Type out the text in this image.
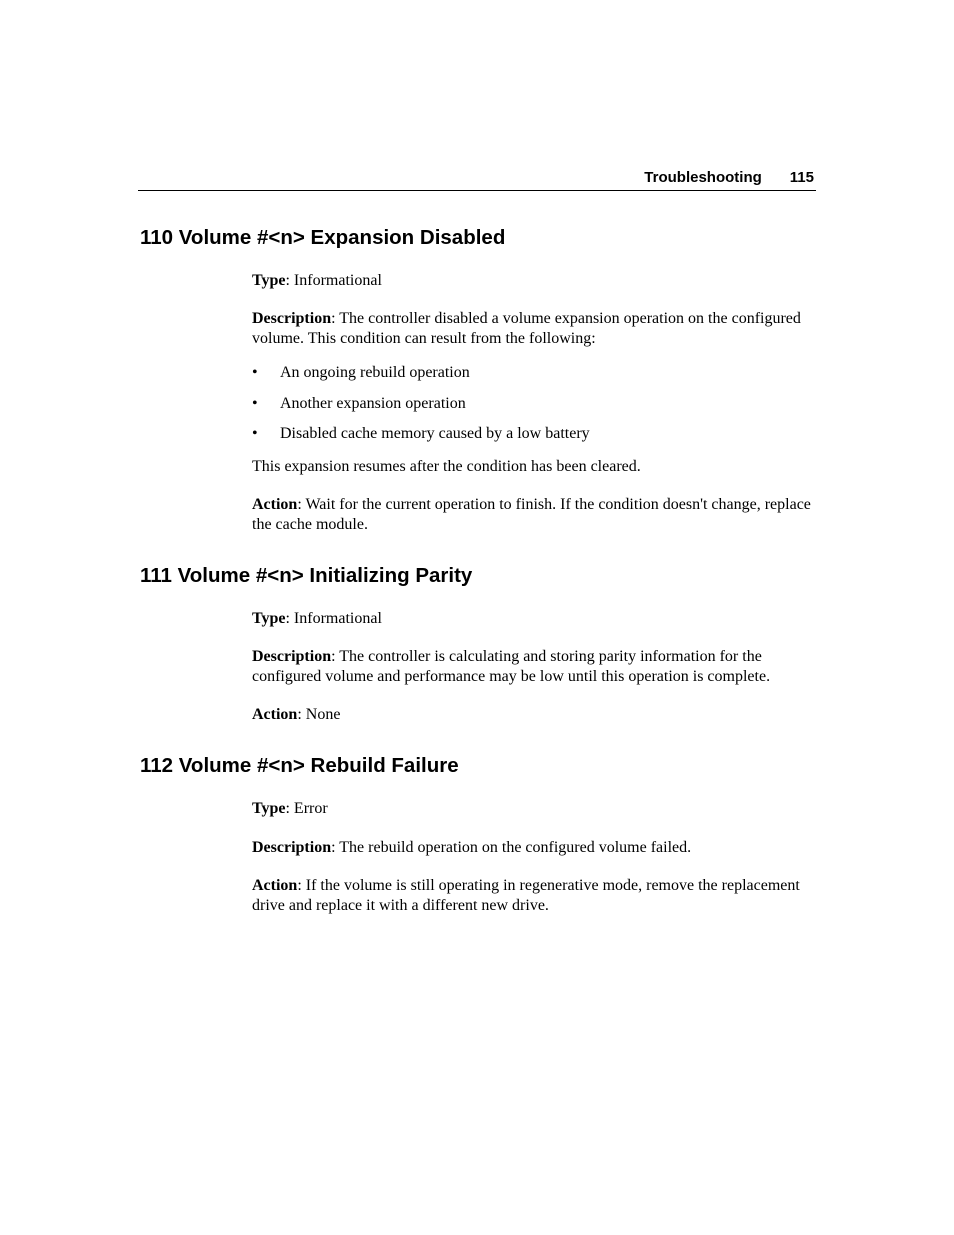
Troubleshooting 115
110 Volume #<n> Expansion Disabled

Type: Informational

Description: The controller disabled a volume expansion operation on the configured volume. This condition can result from the following:

• An ongoing rebuild operation
• Another expansion operation
• Disabled cache memory caused by a low battery

This expansion resumes after the condition has been cleared.

Action: Wait for the current operation to finish. If the condition doesn't change, replace the cache module.

111 Volume #<n> Initializing Parity

Type: Informational

Description: The controller is calculating and storing parity information for the configured volume and performance may be low until this operation is complete.

Action: None

112 Volume #<n> Rebuild Failure

Type: Error

Description: The rebuild operation on the configured volume failed.

Action: If the volume is still operating in regenerative mode, remove the replacement drive and replace it with a different new drive.
